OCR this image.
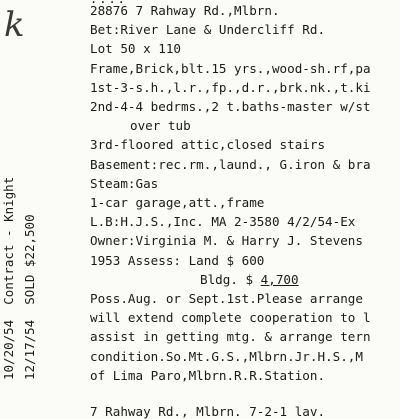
k
10/20/54  Contract - Knight
12/17/54  SOLD $22,500
28876 7 Rahway Rd.,Mlbrn.
Bet:River Lane & Undercliff Rd.
Lot 50 x 110
Frame,Brick,blt.15 yrs.,wood-sh.rf,pa
1st-3-s.h.,l.r.,fp.,d.r.,brk.nk.,t.ki
2nd-4-4 bedrms.,2 t.baths-master w/st
over tub
3rd-floored attic,closed stairs
Basement:rec.rm.,laund., G.iron & bra
Steam:Gas
1-car garage,att.,frame
L.B:H.J.S.,Inc. MA 2-3580 4/2/54-Ex
Owner:Virginia M. & Harry J. Stevens
1953 Assess: Land $ 600
Bldg. $ 4,700
Poss.Aug. or Sept.1st.Please arrange
will extend complete cooperation to l
assist in getting mtg. & arrange tern
condition.So.Mt.G.S.,Mlbrn.Jr.H.S.,M
of Lima Paro,Mlbrn.R.R.Station.
7 Rahway Rd., Mlbrn. 7-2-1 lav.
